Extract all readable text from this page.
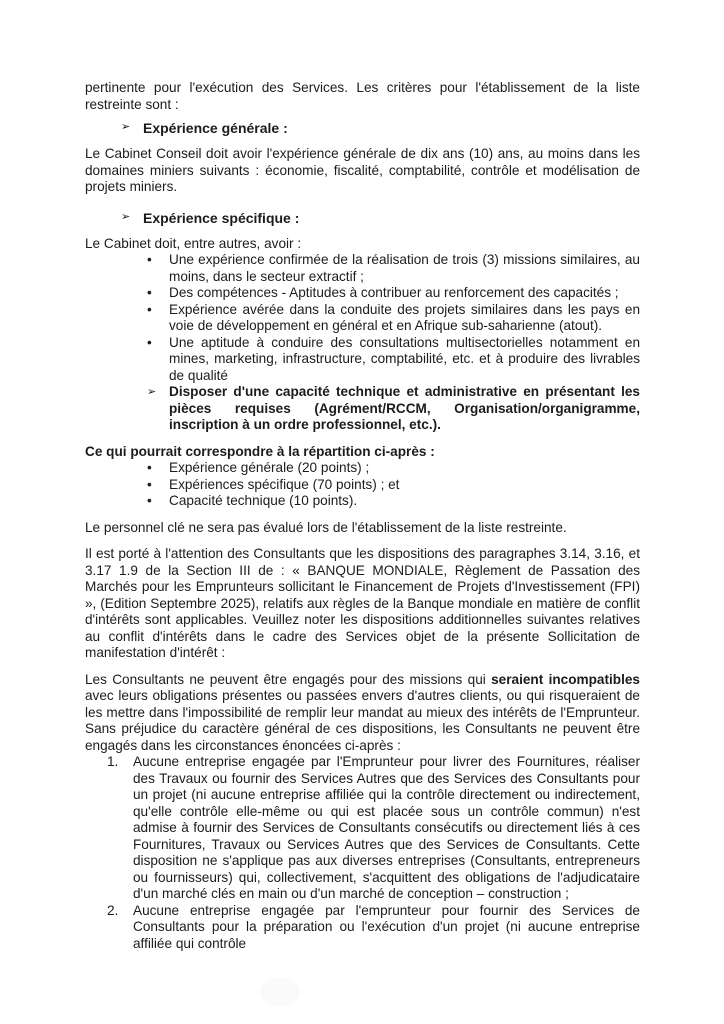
pertinente pour l'exécution des Services. Les critères pour l'établissement de la liste restreinte sont :

➢ Expérience générale :

Le Cabinet Conseil doit avoir l'expérience générale de dix ans (10) ans, au moins dans les domaines miniers suivants : économie, fiscalité, comptabilité, contrôle et modélisation de projets miniers.

➢ Expérience spécifique :

Le Cabinet doit, entre autres, avoir :

• Une expérience confirmée de la réalisation de trois (3) missions similaires, au moins, dans le secteur extractif ;
• Des compétences - Aptitudes à contribuer au renforcement des capacités ;
• Expérience avérée dans la conduite des projets similaires dans les pays en voie de développement en général et en Afrique sub-saharienne (atout).
• Une aptitude à conduire des consultations multisectorielles notamment en mines, marketing, infrastructure, comptabilité, etc. et à produire des livrables de qualité
➢ Disposer d'une capacité technique et administrative en présentant les pièces requises (Agrément/RCCM, Organisation/organigramme, inscription à un ordre professionnel, etc.).

Ce qui pourrait correspondre à la répartition ci-après :

• Expérience générale (20 points) ;
• Expériences spécifique (70 points) ; et
• Capacité technique (10 points).

Le personnel clé ne sera pas évalué lors de l'établissement de la liste restreinte.

Il est porté à l'attention des Consultants que les dispositions des paragraphes 3.14, 3.16, et 3.17 1.9 de la Section III de : « BANQUE MONDIALE, Règlement de Passation des Marchés pour les Emprunteurs sollicitant le Financement de Projets d'Investissement (FPI) », (Edition Septembre 2025), relatifs aux règles de la Banque mondiale en matière de conflit d'intérêts sont applicables. Veuillez noter les dispositions additionnelles suivantes relatives au conflit d'intérêts dans le cadre des Services objet de la présente Sollicitation de manifestation d'intérêt :

Les Consultants ne peuvent être engagés pour des missions qui seraient incompatibles avec leurs obligations présentes ou passées envers d'autres clients, ou qui risqueraient de les mettre dans l'impossibilité de remplir leur mandat au mieux des intérêts de l'Emprunteur. Sans préjudice du caractère général de ces dispositions, les Consultants ne peuvent être engagés dans les circonstances énoncées ci-après :

1. Aucune entreprise engagée par l'Emprunteur pour livrer des Fournitures, réaliser des Travaux ou fournir des Services Autres que des Services des Consultants pour un projet (ni aucune entreprise affiliée qui la contrôle directement ou indirectement, qu'elle contrôle elle-même ou qui est placée sous un contrôle commun) n'est admise à fournir des Services de Consultants consécutifs ou directement liés à ces Fournitures, Travaux ou Services Autres que des Services de Consultants. Cette disposition ne s'applique pas aux diverses entreprises (Consultants, entrepreneurs ou fournisseurs) qui, collectivement, s'acquittent des obligations de l'adjudicataire d'un marché clés en main ou d'un marché de conception – construction ;
2. Aucune entreprise engagée par l'emprunteur pour fournir des Services de Consultants pour la préparation ou l'exécution d'un projet (ni aucune entreprise affiliée qui contrôle
